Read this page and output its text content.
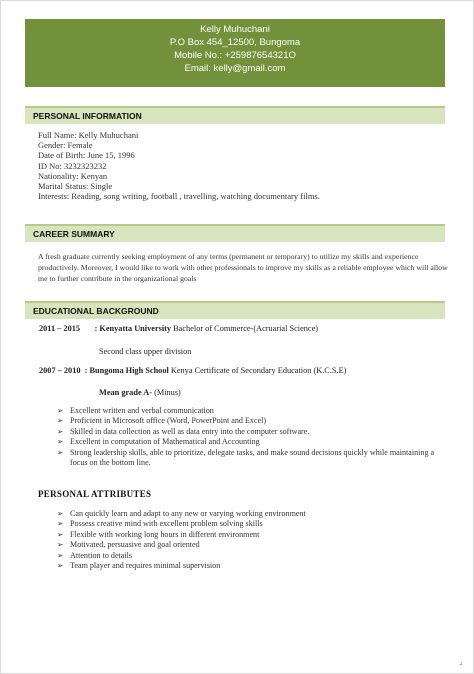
Kelly Muhuchani
P.O Box 454_12500, Bungoma
Mobile No.: +25987654321O
Email: kelly@gmail.com
PERSONAL INFORMATION
Full Name: Kelly Muhuchani
Gender: Female
Date of Birth: June 15, 1996
ID No: 3232323232
Nationality: Kenyan
Marital Status: Single
Interests: Reading, song writing, football , travelling, watching documentary films.
CAREER SUMMARY
A fresh graduate currently seeking employment of any terms (permanent or temporary) to utilize my skills and experience productively. Moreover, I would like to work with other professionals to improve my skills as a reliable employee which will allow me to further contribute in the organizational goals
EDUCATIONAL BACKGROUND
2011 – 2015 : Kenyatta University Bachelor of Commerce-(Acruarial Science)
Second class upper division
2007 – 2010 : Bungoma High School Kenya Certificate of Secondary Education (K.C.S.E)
Mean grade A- (Minus)
➢ Excellent written and verbal communication
➢ Proficient in Microsoft office (Word, PowerPoint and Excel)
➢ Skilled in data collection as well as data entry into the computer software.
➢ Excellent in computation of Mathematical and Accounting
➢ Strong leadership skills, able to prioritize, delegate tasks, and make sound decisions quickly while maintaining a focus on the bottom line.
PERSONAL ATTRIBUTES
➢ Can quickly learn and adapt to any new or varying working environment
➢ Possess creative mind with excellent problem solving skills
➢ Flexible with working long hours in different environment
➢ Motivated, persuasive and goal oriented
➢ Attention to details
➢ Team player and requires minimal supervision
⌟
